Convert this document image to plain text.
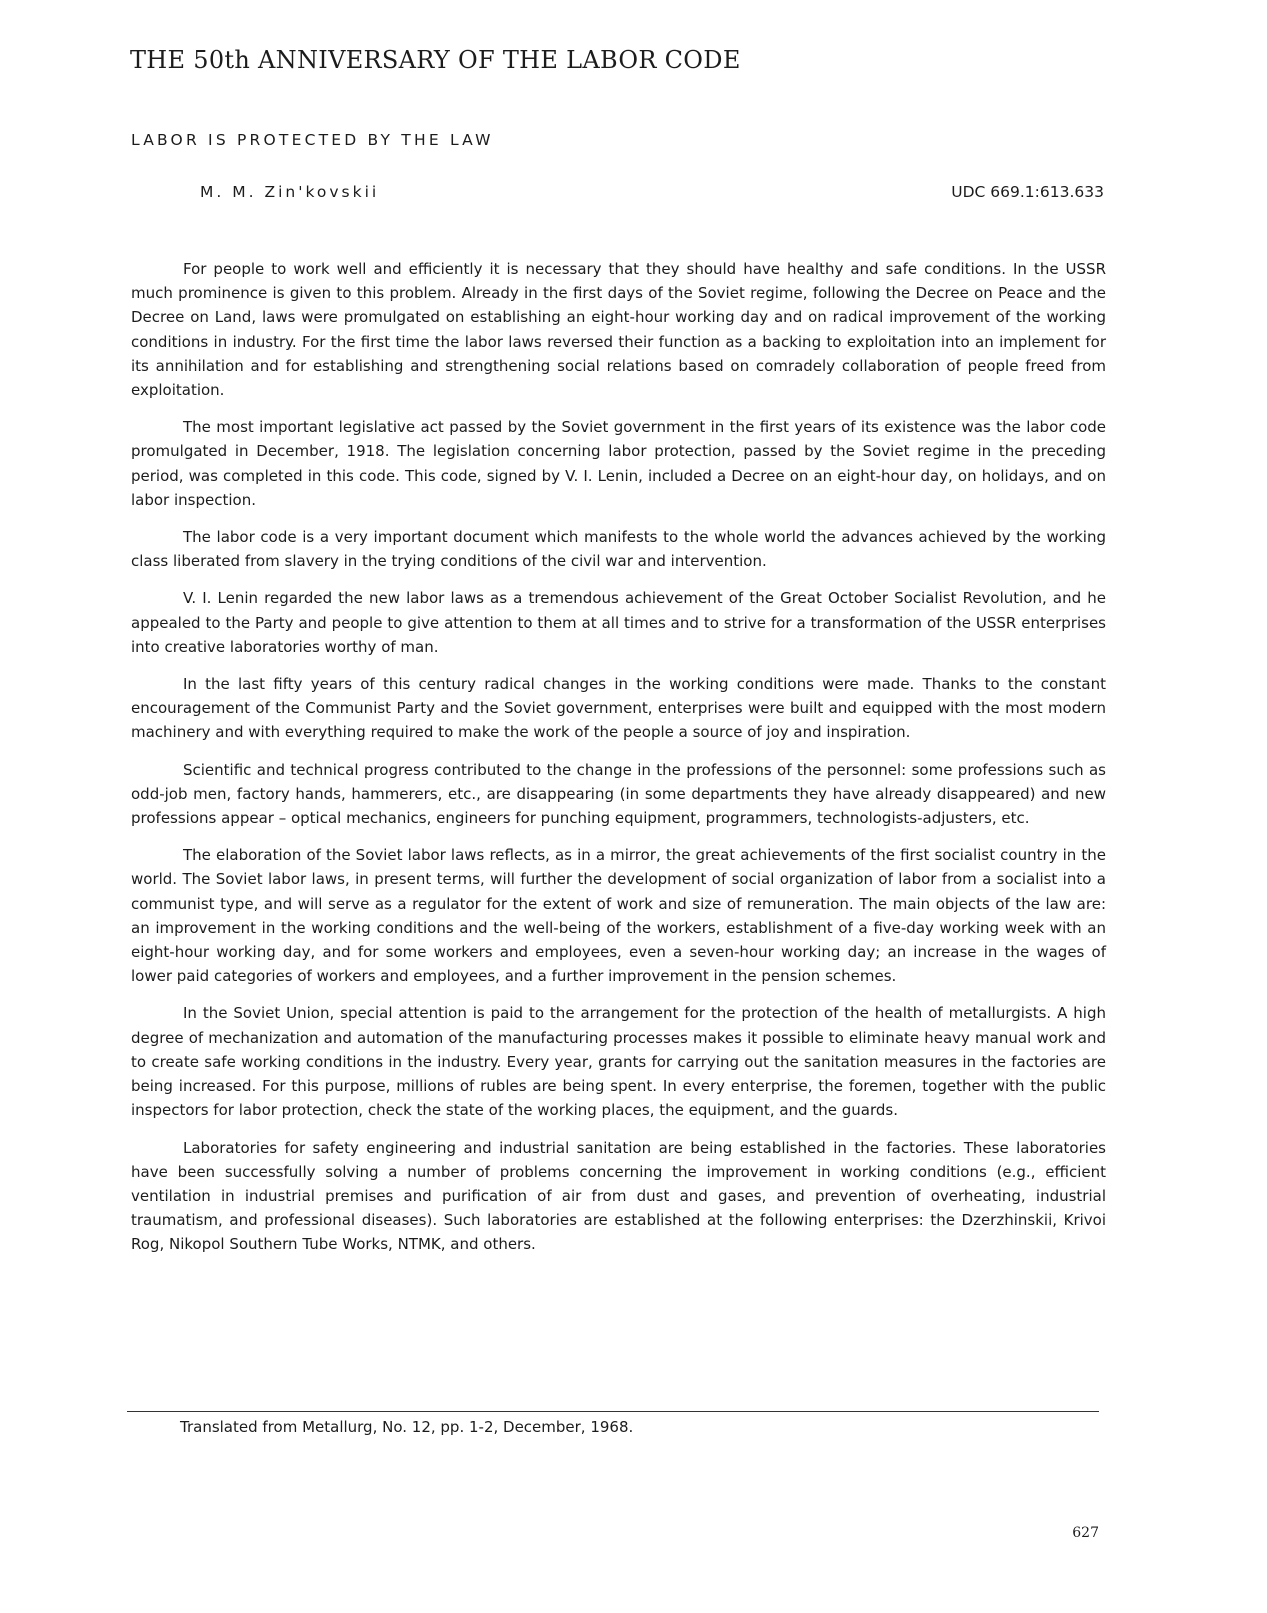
THE 50th ANNIVERSARY OF THE LABOR CODE
LABOR IS PROTECTED BY THE LAW
M. M. Zin'kovskii	UDC 669.1:613.633

For people to work well and efficiently it is necessary that they should have healthy and safe conditions. In the USSR much prominence is given to this problem. Already in the first days of the Soviet regime, following the Decree on Peace and the Decree on Land, laws were promulgated on establishing an eight-hour working day and on radical improvement of the working conditions in industry. For the first time the labor laws reversed their function as a backing to exploitation into an implement for its annihilation and for establishing and strengthening social relations based on comradely collaboration of people freed from exploitation.

The most important legislative act passed by the Soviet government in the first years of its existence was the labor code promulgated in December, 1918. The legislation concerning labor protection, passed by the Soviet regime in the preceding period, was completed in this code. This code, signed by V. I. Lenin, included a Decree on an eight-hour day, on holidays, and on labor inspection.

The labor code is a very important document which manifests to the whole world the advances achieved by the working class liberated from slavery in the trying conditions of the civil war and intervention.

V. I. Lenin regarded the new labor laws as a tremendous achievement of the Great October Socialist Revolution, and he appealed to the Party and people to give attention to them at all times and to strive for a transformation of the USSR enterprises into creative laboratories worthy of man.

In the last fifty years of this century radical changes in the working conditions were made. Thanks to the constant encouragement of the Communist Party and the Soviet government, enterprises were built and equipped with the most modern machinery and with everything required to make the work of the people a source of joy and inspiration.

Scientific and technical progress contributed to the change in the professions of the personnel: some professions such as odd-job men, factory hands, hammerers, etc., are disappearing (in some departments they have already disappeared) and new professions appear – optical mechanics, engineers for punching equipment, programmers, technologists-adjusters, etc.

The elaboration of the Soviet labor laws reflects, as in a mirror, the great achievements of the first socialist country in the world. The Soviet labor laws, in present terms, will further the development of social organization of labor from a socialist into a communist type, and will serve as a regulator for the extent of work and size of remuneration. The main objects of the law are: an improvement in the working conditions and the well-being of the workers, establishment of a five-day working week with an eight-hour working day, and for some workers and employees, even a seven-hour working day; an increase in the wages of lower paid categories of workers and employees, and a further improvement in the pension schemes.

In the Soviet Union, special attention is paid to the arrangement for the protection of the health of metallurgists. A high degree of mechanization and automation of the manufacturing processes makes it possible to eliminate heavy manual work and to create safe working conditions in the industry. Every year, grants for carrying out the sanitation measures in the factories are being increased. For this purpose, millions of rubles are being spent. In every enterprise, the foremen, together with the public inspectors for labor protection, check the state of the working places, the equipment, and the guards.

Laboratories for safety engineering and industrial sanitation are being established in the factories. These laboratories have been successfully solving a number of problems concerning the improvement in working conditions (e.g., efficient ventilation in industrial premises and purification of air from dust and gases, and prevention of overheating, industrial traumatism, and professional diseases). Such laboratories are established at the following enterprises: the Dzerzhinskii, Krivoi Rog, Nikopol Southern Tube Works, NTMK, and others.

Translated from Metallurg, No. 12, pp. 1-2, December, 1968.
627
